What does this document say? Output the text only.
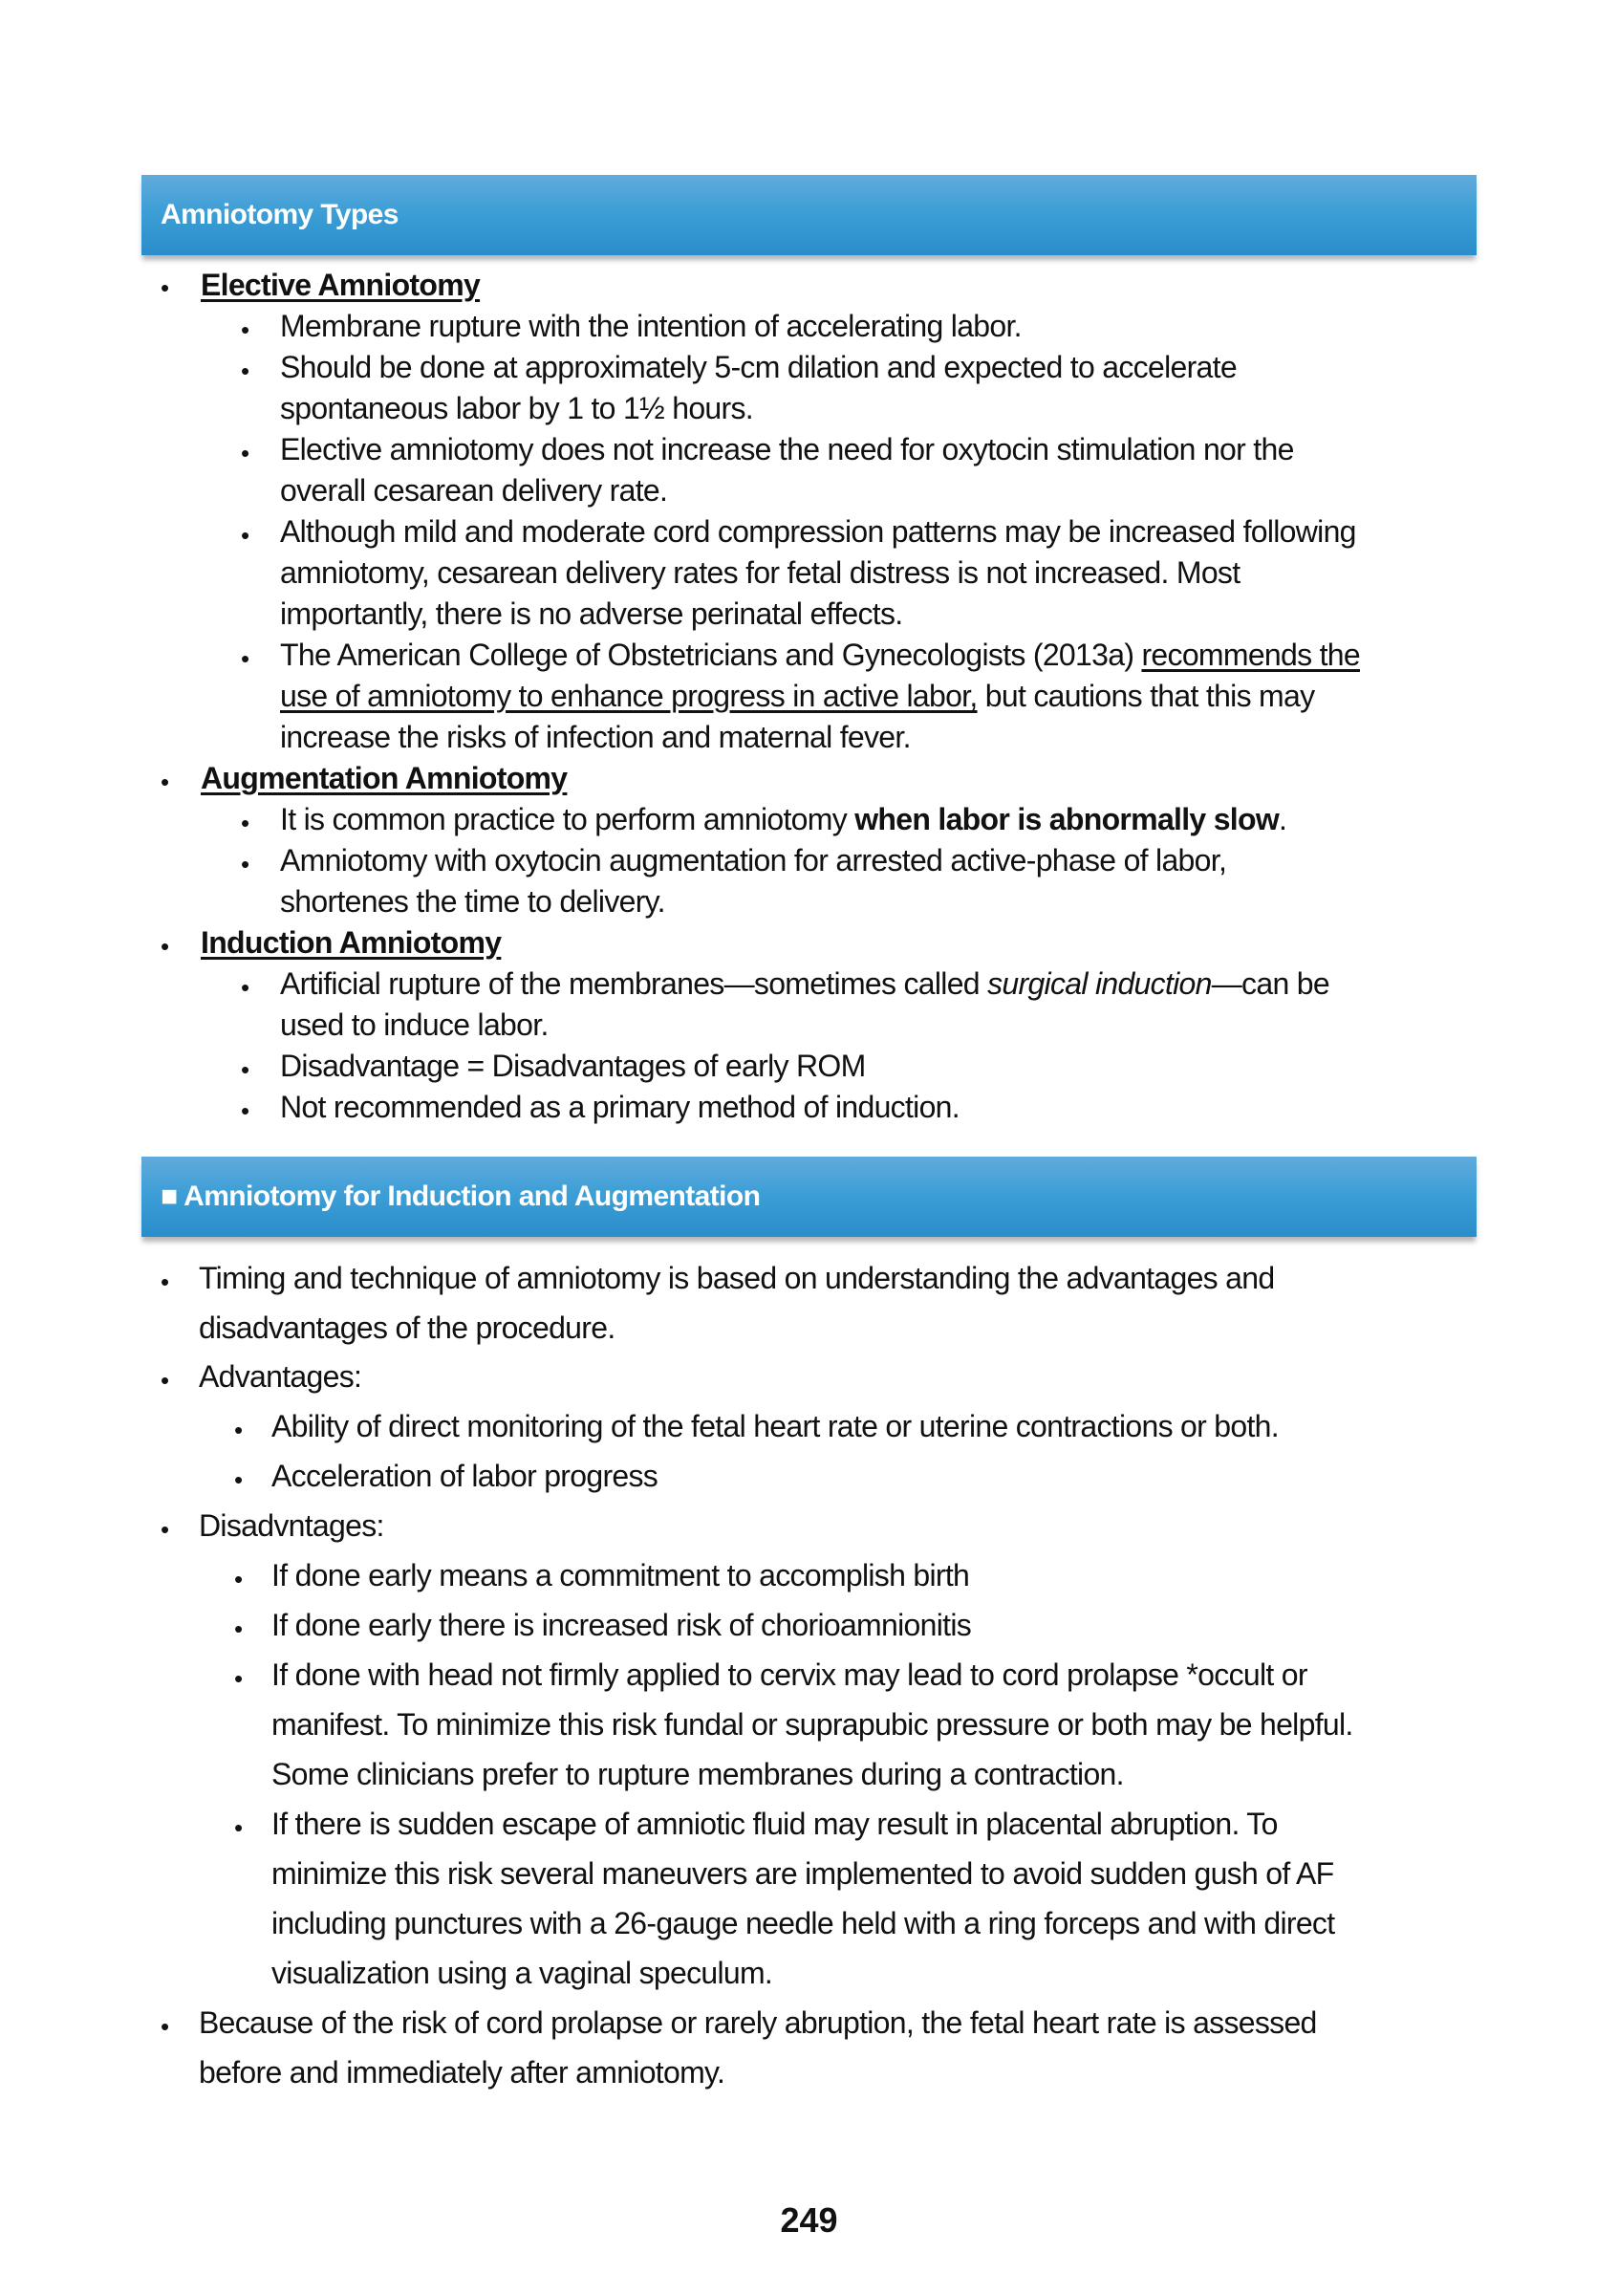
Amniotomy Types
• Elective Amniotomy
• Membrane rupture with the intention of accelerating labor.
• Should be done at approximately 5-cm dilation and expected to accelerate
spontaneous labor by 1 to 1½ hours.
• Elective amniotomy does not increase the need for oxytocin stimulation nor the
overall cesarean delivery rate.
• Although mild and moderate cord compression patterns may be increased following
amniotomy, cesarean delivery rates for fetal distress is not increased. Most
importantly, there is no adverse perinatal effects.
• The American College of Obstetricians and Gynecologists (2013a) recommends the
use of amniotomy to enhance progress in active labor, but cautions that this may
increase the risks of infection and maternal fever.
• Augmentation Amniotomy
• It is common practice to perform amniotomy when labor is abnormally slow.
• Amniotomy with oxytocin augmentation for arrested active-phase of labor,
shortenes the time to delivery.
• Induction Amniotomy
• Artificial rupture of the membranes—sometimes called surgical induction—can be
used to induce labor.
• Disadvantage = Disadvantages of early ROM
• Not recommended as a primary method of induction.
■ Amniotomy for Induction and Augmentation
• Timing and technique of amniotomy is based on understanding the advantages and
disadvantages of the procedure.
• Advantages:
• Ability of direct monitoring of the fetal heart rate or uterine contractions or both.
• Acceleration of labor progress
• Disadvntages:
• If done early means a commitment to accomplish birth
• If done early there is increased risk of chorioamnionitis
• If done with head not firmly applied to cervix may lead to cord prolapse *occult or
manifest. To minimize this risk fundal or suprapubic pressure or both may be helpful.
Some clinicians prefer to rupture membranes during a contraction.
• If there is sudden escape of amniotic fluid may result in placental abruption. To
minimize this risk several maneuvers are implemented to avoid sudden gush of AF
including punctures with a 26-gauge needle held with a ring forceps and with direct
visualization using a vaginal speculum.
• Because of the risk of cord prolapse or rarely abruption, the fetal heart rate is assessed
before and immediately after amniotomy.
249
